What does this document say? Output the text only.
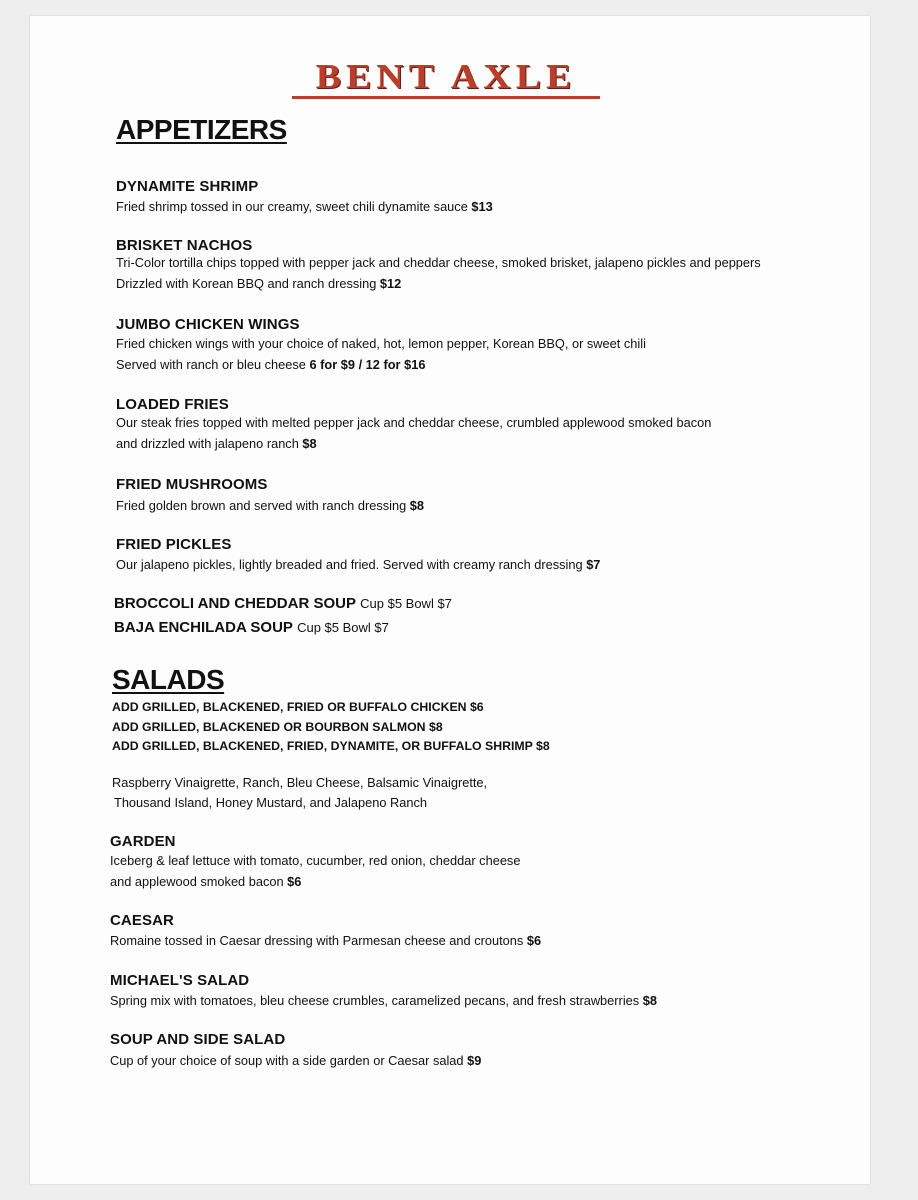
BENT AXLE
APPETIZERS
DYNAMITE SHRIMP
Fried shrimp tossed in our creamy, sweet chili dynamite sauce $13
BRISKET NACHOS
Tri-Color tortilla chips topped with pepper jack and cheddar cheese, smoked brisket, jalapeno pickles and peppers
Drizzled with Korean BBQ and ranch dressing $12
JUMBO CHICKEN WINGS
Fried chicken wings with your choice of naked, hot, lemon pepper, Korean BBQ, or sweet chili
Served with ranch or bleu cheese 6 for $9 / 12 for $16
LOADED FRIES
Our steak fries topped with melted pepper jack and cheddar cheese, crumbled applewood smoked bacon
and drizzled with jalapeno ranch $8
FRIED MUSHROOMS
Fried golden brown and served with ranch dressing $8
FRIED PICKLES
Our jalapeno pickles, lightly breaded and fried. Served with creamy ranch dressing $7
BROCCOLI AND CHEDDAR SOUP Cup $5 Bowl $7
BAJA ENCHILADA SOUP Cup $5 Bowl $7
SALADS
ADD GRILLED, BLACKENED, FRIED OR BUFFALO CHICKEN $6
ADD GRILLED, BLACKENED OR BOURBON SALMON $8
ADD GRILLED, BLACKENED, FRIED, DYNAMITE, OR BUFFALO SHRIMP $8
Raspberry Vinaigrette, Ranch, Bleu Cheese, Balsamic Vinaigrette,
Thousand Island, Honey Mustard, and Jalapeno Ranch
GARDEN
Iceberg & leaf lettuce with tomato, cucumber, red onion, cheddar cheese
and applewood smoked bacon $6
CAESAR
Romaine tossed in Caesar dressing with Parmesan cheese and croutons $6
MICHAEL'S SALAD
Spring mix with tomatoes, bleu cheese crumbles, caramelized pecans, and fresh strawberries $8
SOUP AND SIDE SALAD
Cup of your choice of soup with a side garden or Caesar salad $9
